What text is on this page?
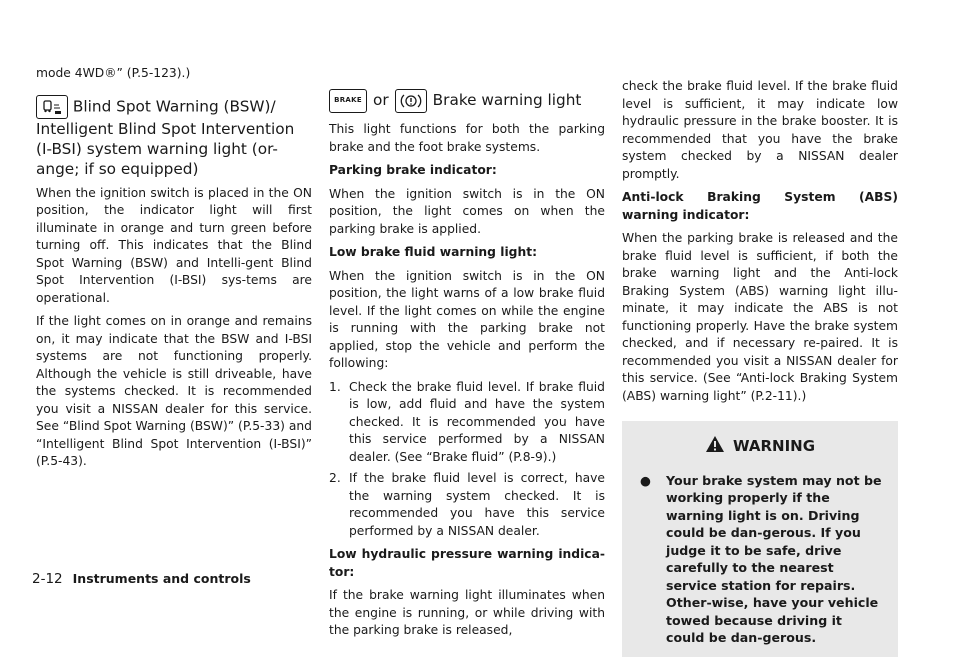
mode 4WD®” (P.5-123).)

Blind Spot Warning (BSW)/ Intelligent Blind Spot Intervention (I-BSI) system warning light (or-ange; if so equipped)

When the ignition switch is placed in the ON position, the indicator light will first illuminate in orange and turn green before turning off. This indicates that the Blind Spot Warning (BSW) and Intelli-gent Blind Spot Intervention (I-BSI) sys-tems are operational.

If the light comes on in orange and remains on, it may indicate that the BSW and I-BSI systems are not functioning properly. Although the vehicle is still driveable, have the systems checked. It is recommended you visit a NISSAN dealer for this service. See “Blind Spot Warning (BSW)” (P.5-33) and “Intelligent Blind Spot Intervention (I-BSI)” (P.5-43).

BRAKE or	Brake warning light

This light functions for both the parking brake and the foot brake systems.

Parking brake indicator:

When the ignition switch is in the ON position, the light comes on when the parking brake is applied.

Low brake fluid warning light:

When the ignition switch is in the ON position, the light warns of a low brake fluid level. If the light comes on while the engine is running with the parking brake not applied, stop the vehicle and perform the following:

1. Check the brake fluid level. If brake fluid is low, add fluid and have the system checked. It is recommended you have this service performed by a NISSAN dealer. (See “Brake fluid” (P.8-9).)
2. If the brake fluid level is correct, have the warning system checked. It is recommended you have this service performed by a NISSAN dealer.

Low hydraulic pressure warning indica-tor:

If the brake warning light illuminates when the engine is running, or while driving with the parking brake is released,

check the brake fluid level. If the brake fluid level is sufficient, it may indicate low hydraulic pressure in the brake booster. It is recommended that you have the brake system checked by a NISSAN dealer promptly.

Anti-lock Braking System (ABS) warning indicator:

When the parking brake is released and the brake fluid level is sufficient, if both the brake warning light and the Anti-lock Braking System (ABS) warning light illu-minate, it may indicate the ABS is not functioning properly. Have the brake system checked, and if necessary re-paired. It is recommended you visit a NISSAN dealer for this service. (See “Anti-lock Braking System (ABS) warning light” (P.2-11).)

WARNING
● Your brake system may not be working properly if the warning light is on. Driving could be dan-gerous. If you judge it to be safe, drive carefully to the nearest service station for repairs. Other-wise, have your vehicle towed because driving it could be dan-gerous.
2-12 Instruments and controls
